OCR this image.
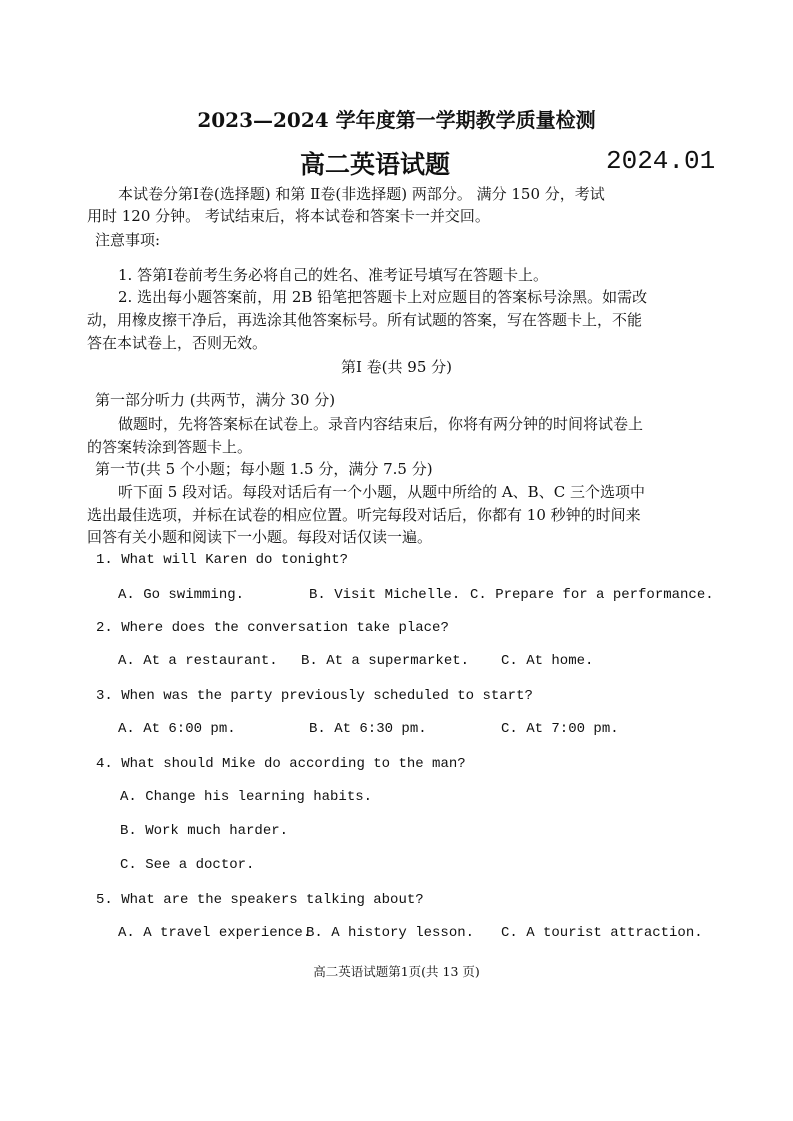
2023—2024 学年度第一学期教学质量检测
高二英语试题	2024.01
本试卷分第Ⅰ卷(选择题) 和第 Ⅱ卷(非选择题) 两部分。 满分 150 分，考试
用时 120 分钟。 考试结束后，将本试卷和答案卡一并交回。
注意事项:
1. 答第Ⅰ卷前考生务必将自己的姓名、准考证号填写在答题卡上。
2. 选出每小题答案前，用 2B 铅笔把答题卡上对应题目的答案标号涂黑。如需改
动，用橡皮擦干净后，再选涂其他答案标号。所有试题的答案，写在答题卡上，不能
答在本试卷上，否则无效。
第Ⅰ 卷(共 95 分)
第一部分听力 (共两节，满分 30 分)
做题时，先将答案标在试卷上。录音内容结束后，你将有两分钟的时间将试卷上
的答案转涂到答题卡上。
第一节(共 5 个小题；每小题 1.5 分，满分 7.5 分)
听下面 5 段对话。每段对话后有一个小题，从题中所给的 A、B、C 三个选项中
选出最佳选项，并标在试卷的相应位置。听完每段对话后，你都有 10 秒钟的时间来
回答有关小题和阅读下一小题。每段对话仅读一遍。
1. What will Karen do tonight?
A. Go swimming.	B. Visit Michelle. C. Prepare for a performance.
2. Where does the conversation take place?
A. At a restaurant. B. At a supermarket. C. At home.
3. When was the party previously scheduled to start?
A. At 6:00 pm.	B. At 6:30 pm.	C. At 7:00 pm.
4. What should Mike do according to the man?
A. Change his learning habits.
B. Work much harder.
C. See a doctor.
5. What are the speakers talking about?
A. A travel experience.
B. A history lesson. C. A tourist attraction.
高二英语试题第1页(共 13 页)
